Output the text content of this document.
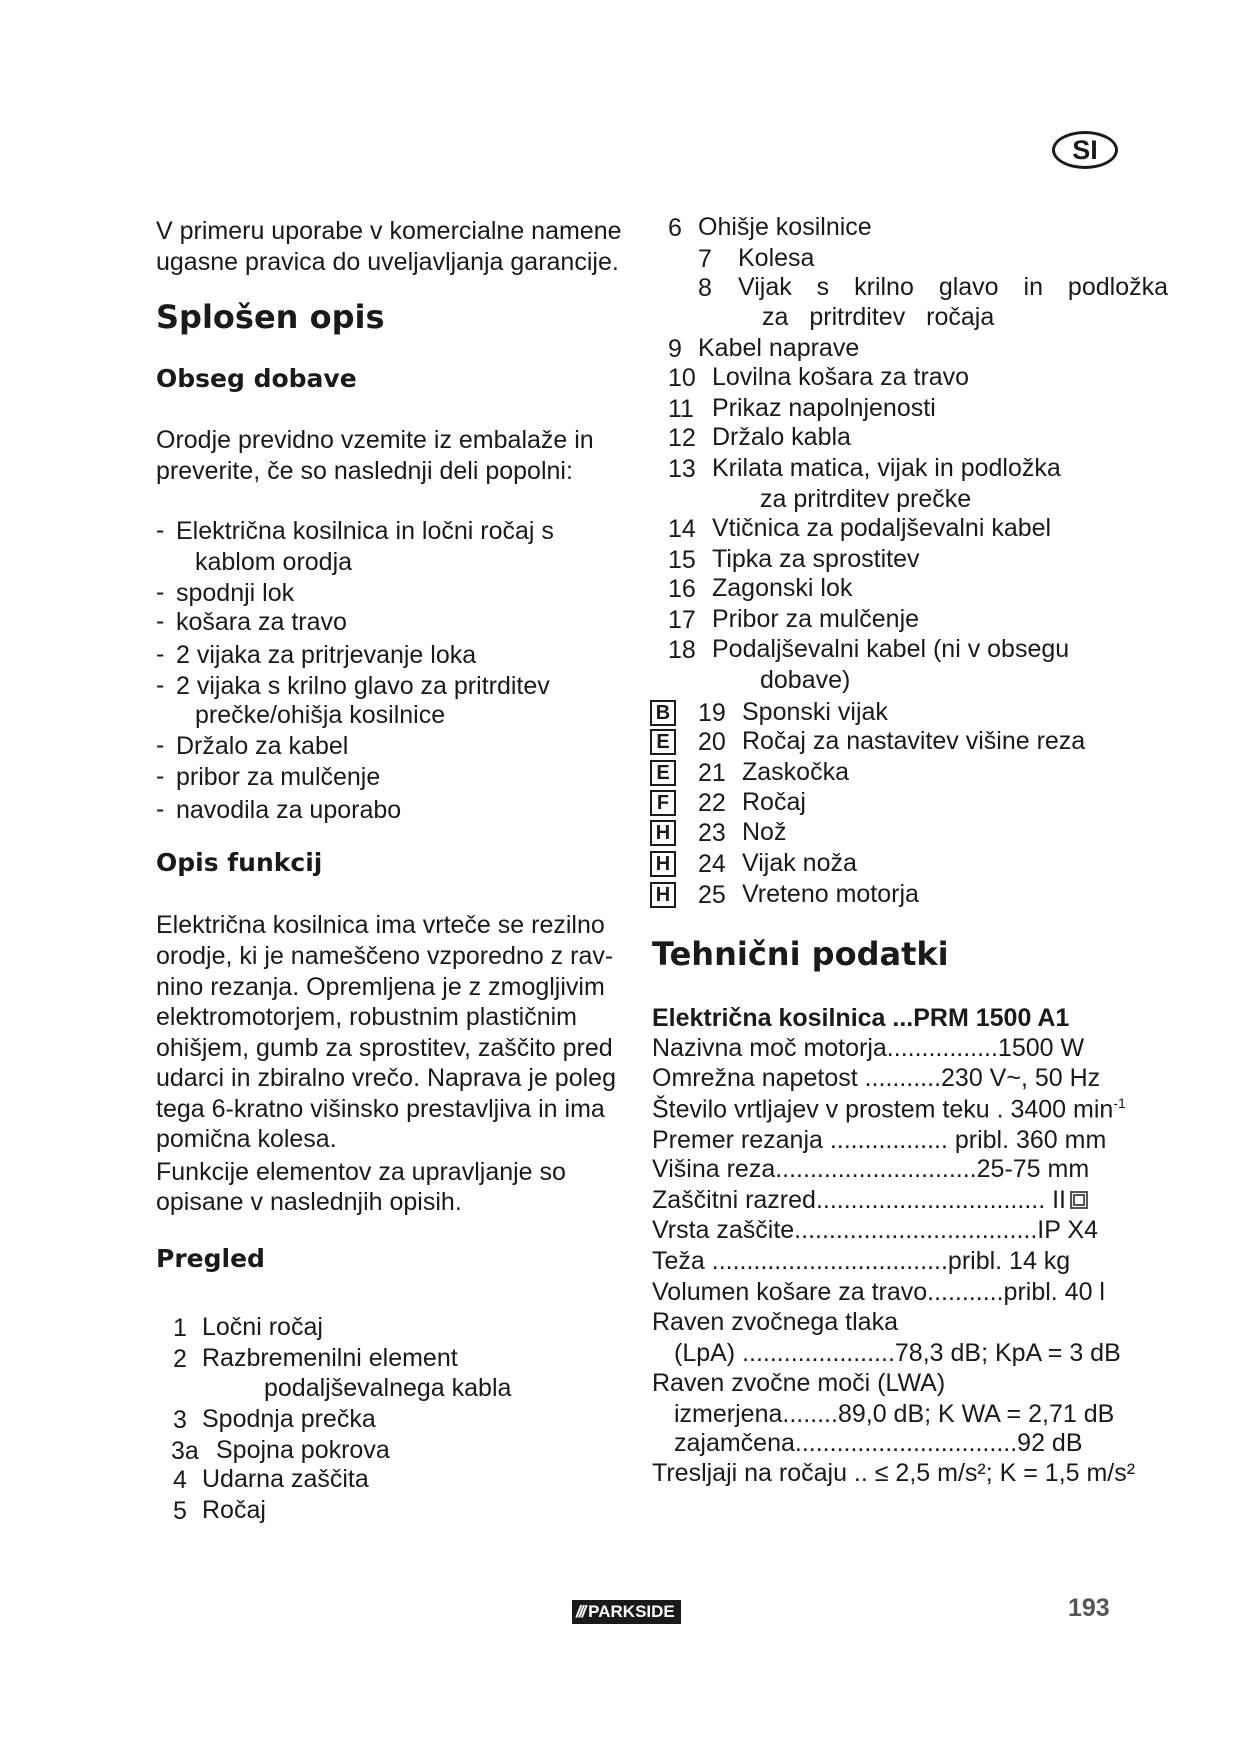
SI
V primeru uporabe v komercialne namene
ugasne pravica do uveljavljanja garancije.
Splošen opis
Obseg dobave
Orodje previdno vzemite iz embalaže in
preverite, če so naslednji deli popolni:
- Električna kosilnica in ločni ročaj s
kablom orodja
- spodnji lok
- košara za travo
- 2 vijaka za pritrjevanje loka
- 2 vijaka s krilno glavo za pritrditev
prečke/ohišja kosilnice
- Držalo za kabel
- pribor za mulčenje
- navodila za uporabo
Opis funkcij
Električna kosilnica ima vrteče se rezilno
orodje, ki je nameščeno vzporedno z rav-
nino rezanja. Opremljena je z zmogljivim
elektromotorjem, robustnim plastičnim
ohišjem, gumb za sprostitev, zaščito pred
udarci in zbiralno vrečo. Naprava je poleg
tega 6-kratno višinsko prestavljiva in ima
pomična kolesa.
Funkcije elementov za upravljanje so
opisane v naslednjih opisih.
Pregled
1 Ločni ročaj
2 Razbremenilni element
podaljševalnega kabla
3 Spodnja prečka
3a Spojna pokrova
4 Udarna zaščita
5 Ročaj
6 Ohišje kosilnice
7 Kolesa
8 Vijak s krilno glavo in podložka
za pritrditev ročaja
9 Kabel naprave
10 Lovilna košara za travo
11 Prikaz napolnjenosti
12 Držalo kabla
13 Krilata matica, vijak in podložka
za pritrditev prečke
14 Vtičnica za podaljševalni kabel
15 Tipka za sprostitev
16 Zagonski lok
17 Pribor za mulčenje
18 Podaljševalni kabel (ni v obsegu
dobave)
B 19 Sponski vijak
E 20 Ročaj za nastavitev višine reza
E 21 Zaskočka
F 22 Ročaj
H 23 Nož
H 24 Vijak noža
H 25 Vreteno motorja
Tehnični podatki
Električna kosilnica ...PRM 1500 A1
Nazivna moč motorja................1500 W
Omrežna napetost ...........230 V~, 50 Hz
Število vrtljajev v prostem teku . 3400 $\min^{-1}$
Premer rezanja ................. pribl. 360 mm
Višina reza.............................25-75 mm
Zaščitni razred................................. II
Vrsta zaščite...................................IP X4
Teža ..................................pribl. 14 kg
Volumen košare za travo...........pribl. 40 l
Raven zvočnega tlaka
(LpA) ......................78,3 dB; KpA = 3 dB
Raven zvočne moči (LWA)
izmerjena........89,0 dB; K WA = 2,71 dB
zajamčena................................92 dB
Tresljaji na ročaju .. ≤ 2,5 m/s²; K = 1,5 m/s²
/// PARKSIDE	193
